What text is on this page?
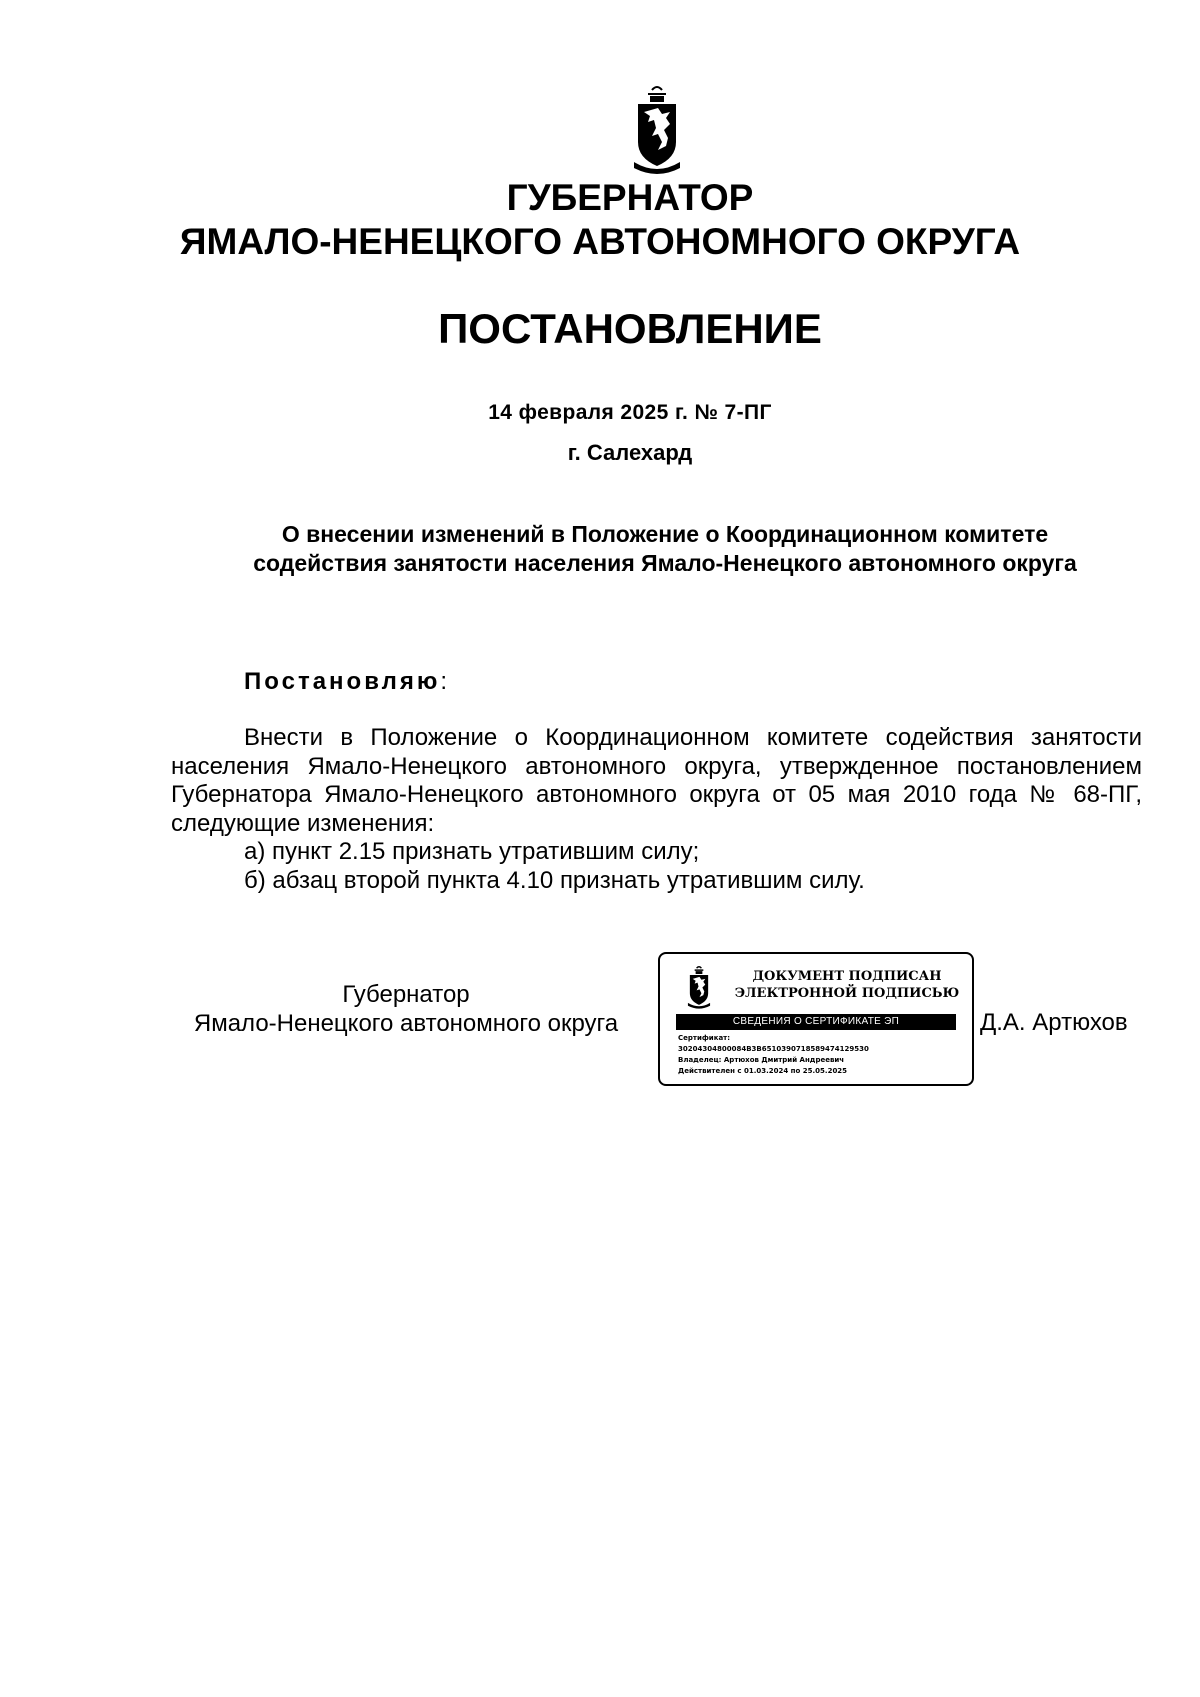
ГУБЕРНАТОР
ЯМАЛО-НЕНЕЦКОГО АВТОНОМНОГО ОКРУГА
ПОСТАНОВЛЕНИЕ
14 февраля 2025 г. № 7-ПГ
г. Салехард
О внесении изменений в Положение о Координационном комитете содействия занятости населения Ямало-Ненецкого автономного округа
Постановляю:

Внести в Положение о Координационном комитете содействия занятости населения Ямало-Ненецкого автономного округа, утвержденное постановлением Губернатора Ямало-Ненецкого автономного округа от 05 мая 2010 года № 68-ПГ, следующие изменения:

а) пункт 2.15 признать утратившим силу;

б) абзац второй пункта 4.10 признать утратившим силу.

Губернатор
Ямало-Ненецкого автономного округа
ДОКУМЕНТ ПОДПИСАН
ЭЛЕКТРОННОЙ ПОДПИСЬЮ
СВЕДЕНИЯ О СЕРТИФИКАТЕ ЭП
Сертификат:
30204304800084B3B6510390718589474129530
Владелец: Артюхов Дмитрий Андреевич
Действителен с 01.03.2024 по 25.05.2025
Д.А. Артюхов
